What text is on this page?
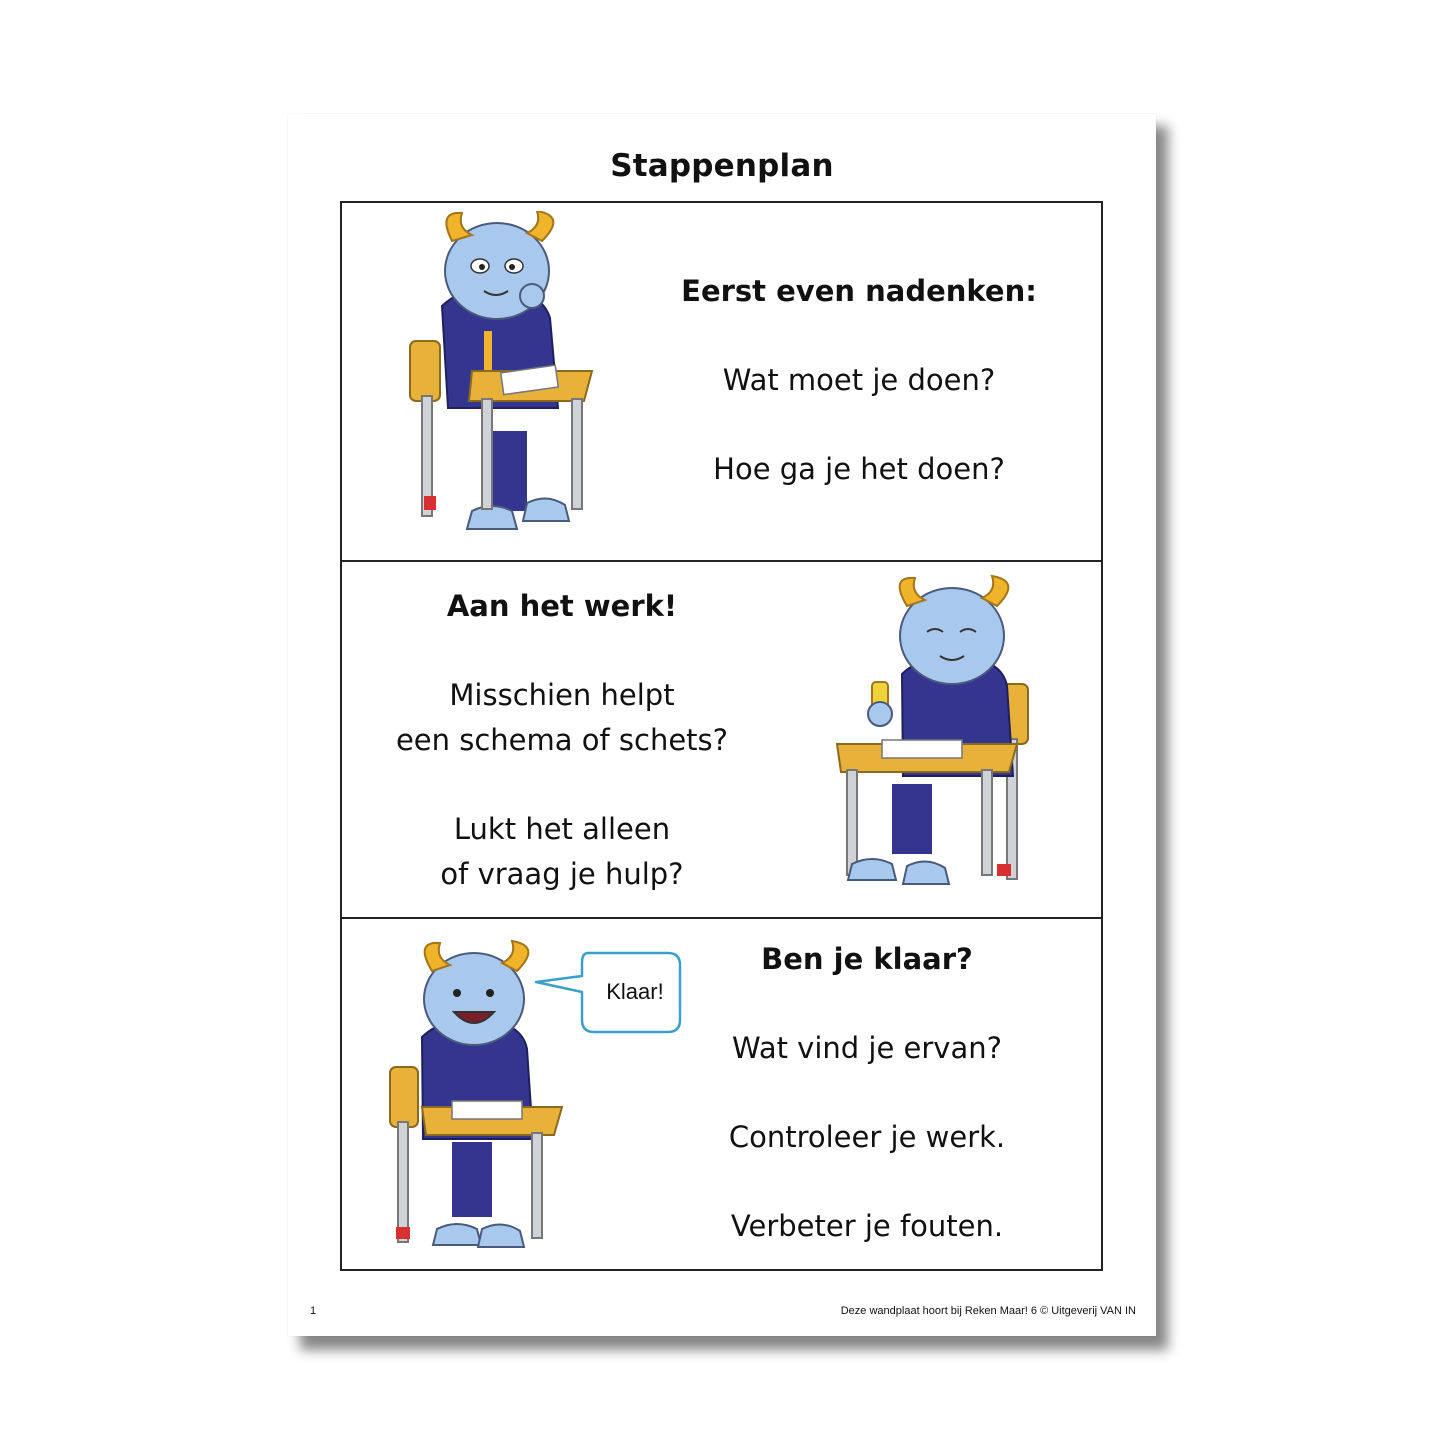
Stappenplan
Eerst even nadenken:
Wat moet je doen?
Hoe ga je het doen?
Aan het werk!
Misschien helpt
een schema of schets?
Lukt het alleen
of vraag je hulp?
Klaar!
Ben je klaar?
Wat vind je ervan?
Controleer je werk.
Verbeter je fouten.
1	Deze wandplaat hoort bij Reken Maar! 6 © Uitgeverij VAN IN
